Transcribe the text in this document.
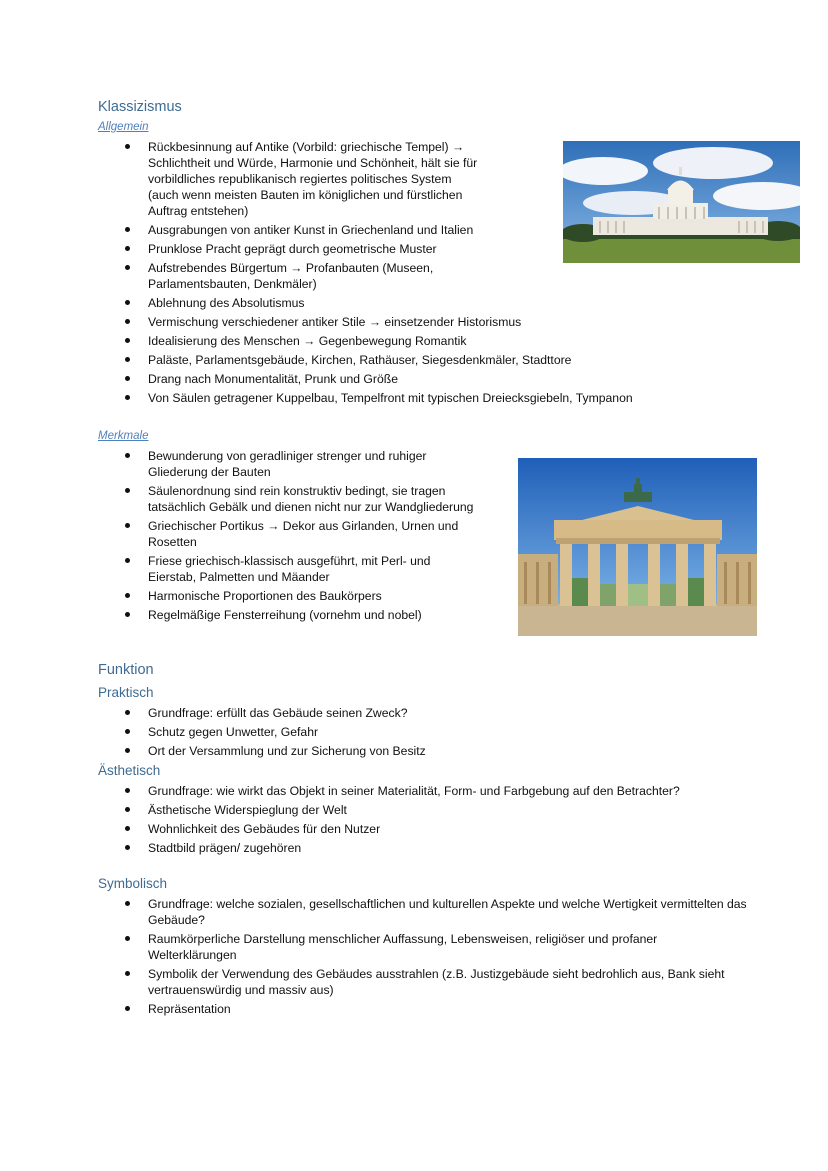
Klassizismus
Allgemein
Rückbesinnung auf Antike (Vorbild: griechische Tempel) → Schlichtheit und Würde, Harmonie und Schönheit, hält sie für vorbildliches republikanisch regiertes politisches System (auch wenn meisten Bauten im königlichen und fürstlichen Auftrag entstehen)
Ausgrabungen von antiker Kunst in Griechenland und Italien
Prunklose Pracht geprägt durch geometrische Muster
Aufstrebendes Bürgertum → Profanbauten (Museen, Parlamentsbauten, Denkmäler)
Ablehnung des Absolutismus
Vermischung verschiedener antiker Stile → einsetzender Historismus
Idealisierung des Menschen → Gegenbewegung Romantik
Paläste, Parlamentsgebäude, Kirchen, Rathäuser, Siegesdenkmäler, Stadttore
Drang nach Monumentalität, Prunk und Größe
Von Säulen getragener Kuppelbau, Tempelfront mit typischen Dreiecksgiebeln, Tympanon
Merkmale
Bewunderung von geradliniger strenger und ruhiger Gliederung der Bauten
Säulenordnung sind rein konstruktiv bedingt, sie tragen tatsächlich Gebälk und dienen nicht nur zur Wandgliederung
Griechischer Portikus → Dekor aus Girlanden, Urnen und Rosetten
Friese griechisch-klassisch ausgeführt, mit Perl- und Eierstab, Palmetten und Mäander
Harmonische Proportionen des Baukörpers
Regelmäßige Fensterreihung (vornehm und nobel)
Funktion
Praktisch
Grundfrage: erfüllt das Gebäude seinen Zweck?
Schutz gegen Unwetter, Gefahr
Ort der Versammlung und zur Sicherung von Besitz
Ästhetisch
Grundfrage: wie wirkt das Objekt in seiner Materialität, Form- und Farbgebung auf den Betrachter?
Ästhetische Widerspieglung der Welt
Wohnlichkeit des Gebäudes für den Nutzer
Stadtbild prägen/ zugehören
Symbolisch
Grundfrage: welche sozialen, gesellschaftlichen und kulturellen Aspekte und welche Wertigkeit vermittelten das Gebäude?
Raumkörperliche Darstellung menschlicher Auffassung, Lebensweisen, religiöser und profaner Welterklärungen
Symbolik der Verwendung des Gebäudes ausstrahlen (z.B. Justizgebäude sieht bedrohlich aus, Bank sieht vertrauenswürdig und massiv aus)
Repräsentation
